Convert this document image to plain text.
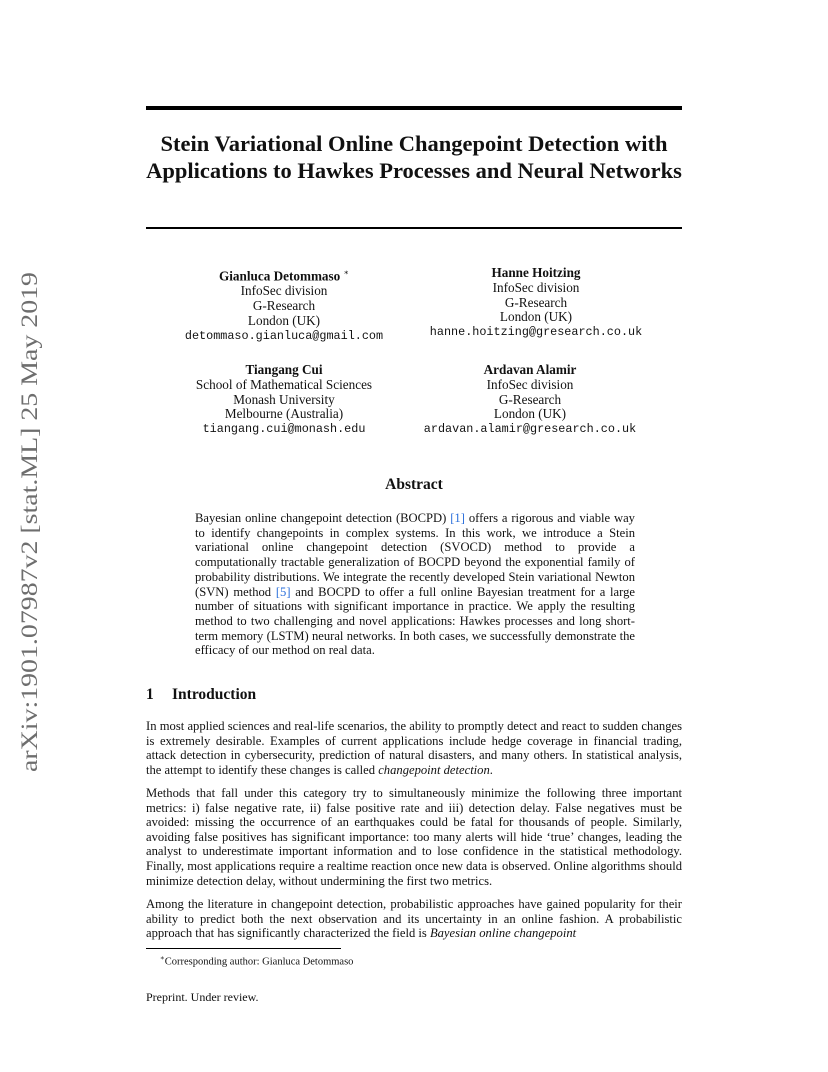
arXiv:1901.07987v2 [stat.ML] 25 May 2019
Stein Variational Online Changepoint Detection with Applications to Hawkes Processes and Neural Networks
Gianluca Detommaso ∗
InfoSec division
G-Research
London (UK)
detommaso.gianluca@gmail.com
Hanne Hoitzing
InfoSec division
G-Research
London (UK)
hanne.hoitzing@gresearch.co.uk
Tiangang Cui
School of Mathematical Sciences
Monash University
Melbourne (Australia)
tiangang.cui@monash.edu
Ardavan Alamir
InfoSec division
G-Research
London (UK)
ardavan.alamir@gresearch.co.uk
Abstract
Bayesian online changepoint detection (BOCPD) [1] offers a rigorous and viable way to identify changepoints in complex systems. In this work, we introduce a Stein variational online changepoint detection (SVOCD) method to provide a computationally tractable generalization of BOCPD beyond the exponential family of probability distributions. We integrate the recently developed Stein variational Newton (SVN) method [5] and BOCPD to offer a full online Bayesian treatment for a large number of situations with significant importance in practice. We apply the resulting method to two challenging and novel applications: Hawkes processes and long short-term memory (LSTM) neural networks. In both cases, we successfully demonstrate the efficacy of our method on real data.
1 Introduction
In most applied sciences and real-life scenarios, the ability to promptly detect and react to sudden changes is extremely desirable. Examples of current applications include hedge coverage in financial trading, attack detection in cybersecurity, prediction of natural disasters, and many others. In statistical analysis, the attempt to identify these changes is called changepoint detection.
Methods that fall under this category try to simultaneously minimize the following three important metrics: i) false negative rate, ii) false positive rate and iii) detection delay. False negatives must be avoided: missing the occurrence of an earthquakes could be fatal for thousands of people. Similarly, avoiding false positives has significant importance: too many alerts will hide ‘true’ changes, leading the analyst to underestimate important information and to lose confidence in the statistical methodology. Finally, most applications require a realtime reaction once new data is observed. Online algorithms should minimize detection delay, without undermining the first two metrics.
Among the literature in changepoint detection, probabilistic approaches have gained popularity for their ability to predict both the next observation and its uncertainty in an online fashion. A probabilistic approach that has significantly characterized the field is Bayesian online changepoint
∗Corresponding author: Gianluca Detommaso
Preprint. Under review.
